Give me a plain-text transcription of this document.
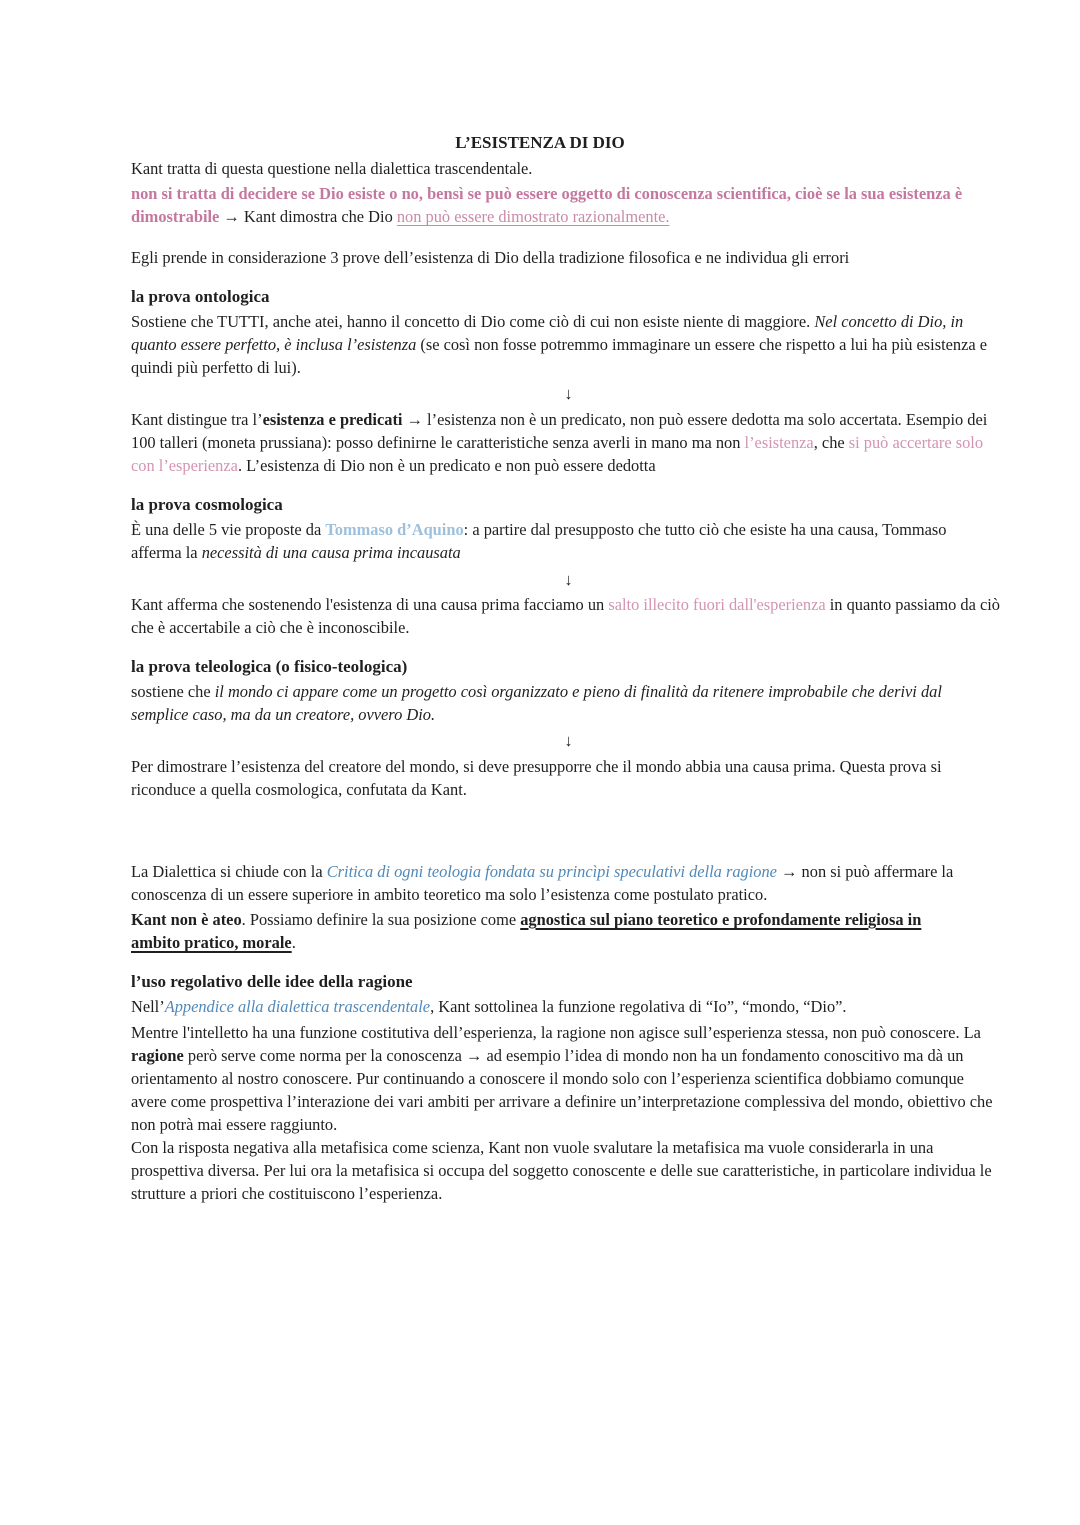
L’ESISTENZA DI DIO
Kant tratta di questa questione nella dialettica trascendentale.
non si tratta di decidere se Dio esiste o no, bensì se può essere oggetto di conoscenza scientifica, cioè se la sua esistenza è dimostrabile → Kant dimostra che Dio non può essere dimostrato razionalmente.
Egli prende in considerazione 3 prove dell’esistenza di Dio della tradizione filosofica e ne individua gli errori
la prova ontologica
Sostiene che TUTTI, anche atei, hanno il concetto di Dio come ciò di cui non esiste niente di maggiore. Nel concetto di Dio, in quanto essere perfetto, è inclusa l’esistenza (se così non fosse potremmo immaginare un essere che rispetto a lui ha più esistenza e quindi più perfetto di lui).
↓
Kant distingue tra l’esistenza e predicati → l’esistenza non è un predicato, non può essere dedotta ma solo accertata. Esempio dei 100 talleri (moneta prussiana): posso definirne le caratteristiche senza averli in mano ma non l’esistenza, che si può accertare solo con l’esperienza. L’esistenza di Dio non è un predicato e non può essere dedotta
la prova cosmologica
È una delle 5 vie proposte da Tommaso d’Aquino: a partire dal presupposto che tutto ciò che esiste ha una causa, Tommaso afferma la necessità di una causa prima incausata
↓
Kant afferma che sostenendo l'esistenza di una causa prima facciamo un salto illecito fuori dall'esperienza in quanto passiamo da ciò che è accertabile a ciò che è inconoscibile.
la prova teleologica (o fisico-teologica)
sostiene che il mondo ci appare come un progetto così organizzato e pieno di finalità da ritenere improbabile che derivi dal semplice caso, ma da un creatore, ovvero Dio.
↓
Per dimostrare l’esistenza del creatore del mondo, si deve presupporre che il mondo abbia una causa prima. Questa prova si riconduce a quella cosmologica, confutata da Kant.
La Dialettica si chiude con la Critica di ogni teologia fondata su princìpi speculativi della ragione → non si può affermare la conoscenza di un essere superiore in ambito teoretico ma solo l’esistenza come postulato pratico.
Kant non è ateo. Possiamo definire la sua posizione come agnostica sul piano teoretico e profondamente religiosa in ambito pratico, morale.
l’uso regolativo delle idee della ragione
Nell’Appendice alla dialettica trascendentale, Kant sottolinea la funzione regolativa di “Io”, “mondo, “Dio”.
Mentre l'intelletto ha una funzione costitutiva dell’esperienza, la ragione non agisce sull’esperienza stessa, non può conoscere. La ragione però serve come norma per la conoscenza → ad esempio l’idea di mondo non ha un fondamento conoscitivo ma dà un orientamento al nostro conoscere. Pur continuando a conoscere il mondo solo con l’esperienza scientifica dobbiamo comunque avere come prospettiva l’interazione dei vari ambiti per arrivare a definire un’interpretazione complessiva del mondo, obiettivo che non potrà mai essere raggiunto.
Con la risposta negativa alla metafisica come scienza, Kant non vuole svalutare la metafisica ma vuole considerarla in una prospettiva diversa. Per lui ora la metafisica si occupa del soggetto conoscente e delle sue caratteristiche, in particolare individua le strutture a priori che costituiscono l’esperienza.
